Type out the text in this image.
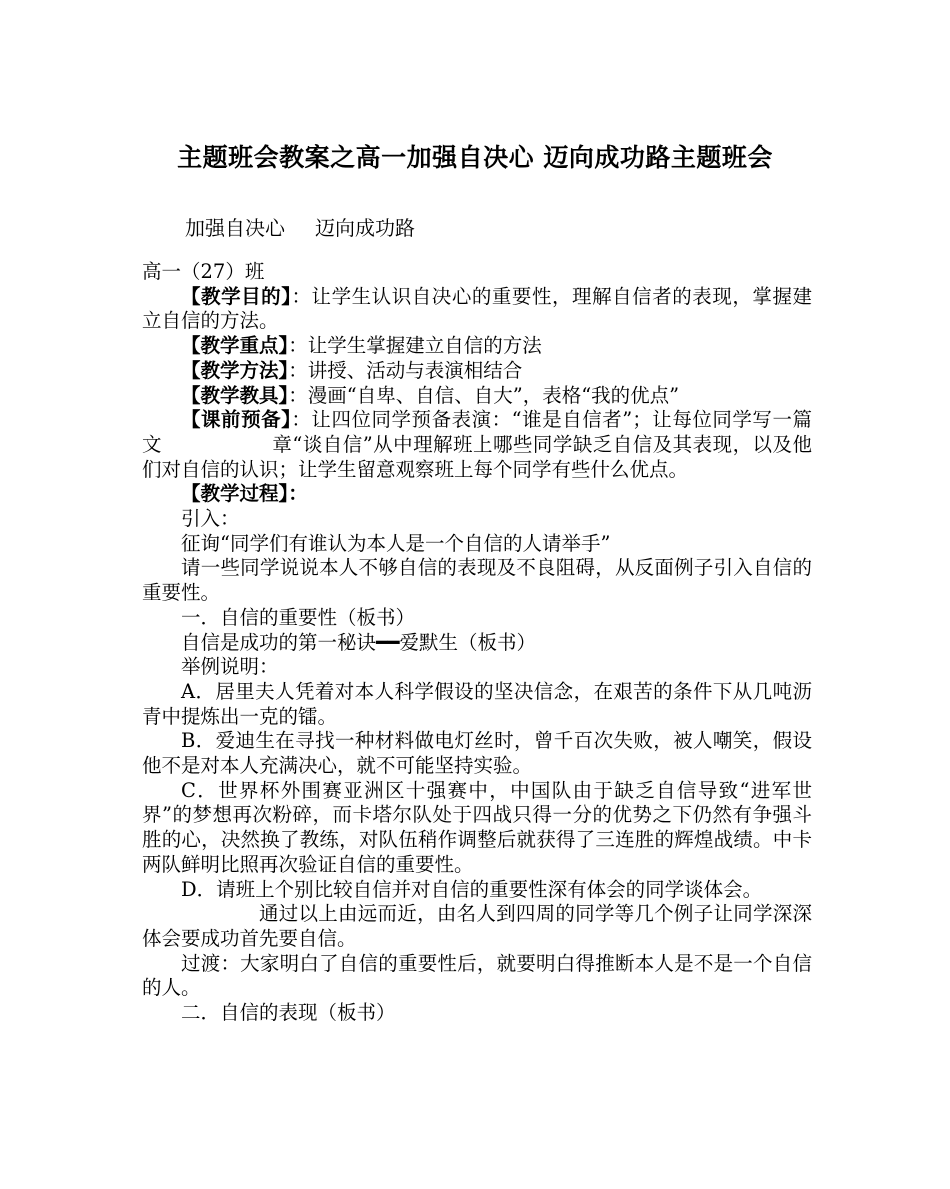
主题班会教案之高一加强自决心 迈向成功路主题班会
加强自决心 迈向成功路

高一（27）班

【教学目的】：让学生认识自决心的重要性，理解自信者的表现，掌握建立自信的方法。

【教学重点】：让学生掌握建立自信的方法

【教学方法】：讲授、活动与表演相结合

【教学教具】：漫画“自卑、自信、自大”，表格“我的优点”

【课前预备】：让四位同学预备表演：“谁是自信者”；让每位同学写一篇文	章“谈自信”从中理解班上哪些同学缺乏自信及其表现，以及他们对自信的认识；让学生留意观察班上每个同学有些什么优点。

【教学过程】：

引入：

征询“同学们有谁认为本人是一个自信的人请举手”

请一些同学说说本人不够自信的表现及不良阻碍，从反面例子引入自信的重要性。

一．自信的重要性（板书）

自信是成功的第一秘诀━━爱默生（板书）

举例说明：

A．居里夫人凭着对本人科学假设的坚决信念，在艰苦的条件下从几吨沥青中提炼出一克的镭。

B．爱迪生在寻找一种材料做电灯丝时，曾千百次失败，被人嘲笑，假设他不是对本人充满决心，就不可能坚持实验。

C．世界杯外围赛亚洲区十强赛中，中国队由于缺乏自信导致“进军世界”的梦想再次粉碎，而卡塔尔队处于四战只得一分的优势之下仍然有争强斗胜的心，决然换了教练，对队伍稍作调整后就获得了三连胜的辉煌战绩。中卡两队鲜明比照再次验证自信的重要性。

D．请班上个别比较自信并对自信的重要性深有体会的同学谈体会。

通过以上由远而近，由名人到四周的同学等几个例子让同学深深体会要成功首先要自信。

过渡：大家明白了自信的重要性后，就要明白得推断本人是不是一个自信的人。

二．自信的表现（板书）
